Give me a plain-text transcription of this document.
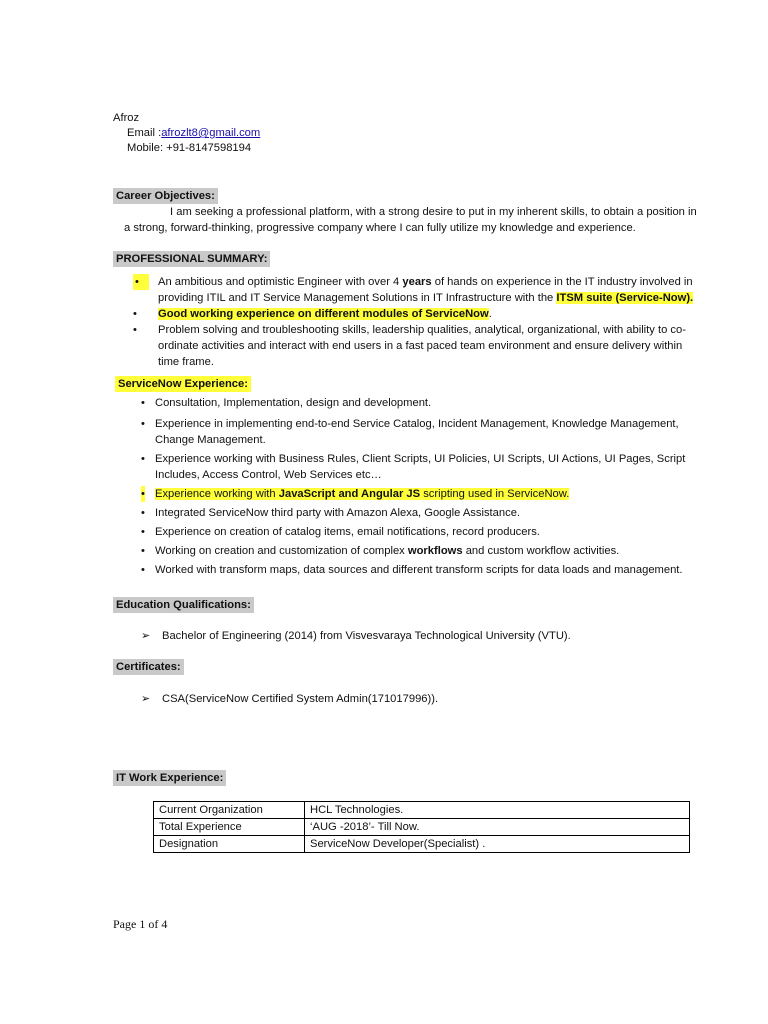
Afroz
Email :afrozlt8@gmail.com
Mobile: +91-8147598194
Career Objectives:
I am seeking a professional platform, with a strong desire to put in my inherent skills, to obtain a position in
a strong, forward-thinking, progressive company where I can fully utilize my knowledge and experience.
PROFESSIONAL SUMMARY:
•	An ambitious and optimistic Engineer with over 4 years of hands on experience in the IT industry involved in
providing ITIL and IT Service Management Solutions in IT Infrastructure with the ITSM suite (Service-Now).
• Good working experience on different modules of ServiceNow.
• Problem solving and troubleshooting skills, leadership qualities, analytical, organizational, with ability to co-
ordinate activities and interact with end users in a fast paced team environment and ensure delivery within
time frame.
ServiceNow Experience:
• Consultation, Implementation, design and development.
• Experience in implementing end-to-end Service Catalog, Incident Management, Knowledge Management,
Change Management.
• Experience working with Business Rules, Client Scripts, UI Policies, UI Scripts, UI Actions, UI Pages, Script
Includes, Access Control, Web Services etc…
• Experience working with JavaScript and Angular JS scripting used in ServiceNow.
• Integrated ServiceNow third party with Amazon Alexa, Google Assistance.
• Experience on creation of catalog items, email notifications, record producers.
• Working on creation and customization of complex workflows and custom workflow activities.
• Worked with transform maps, data sources and different transform scripts for data loads and management.
Education Qualifications:
➢ Bachelor of Engineering (2014) from Visvesvaraya Technological University (VTU).
Certificates:
➢ CSA(ServiceNow Certified System Admin(171017996)).
IT Work Experience:
Current Organization	HCL Technologies.
Total Experience	‘AUG -2018’- Till Now.
Designation	ServiceNow Developer(Specialist) .
Page 1 of 4
